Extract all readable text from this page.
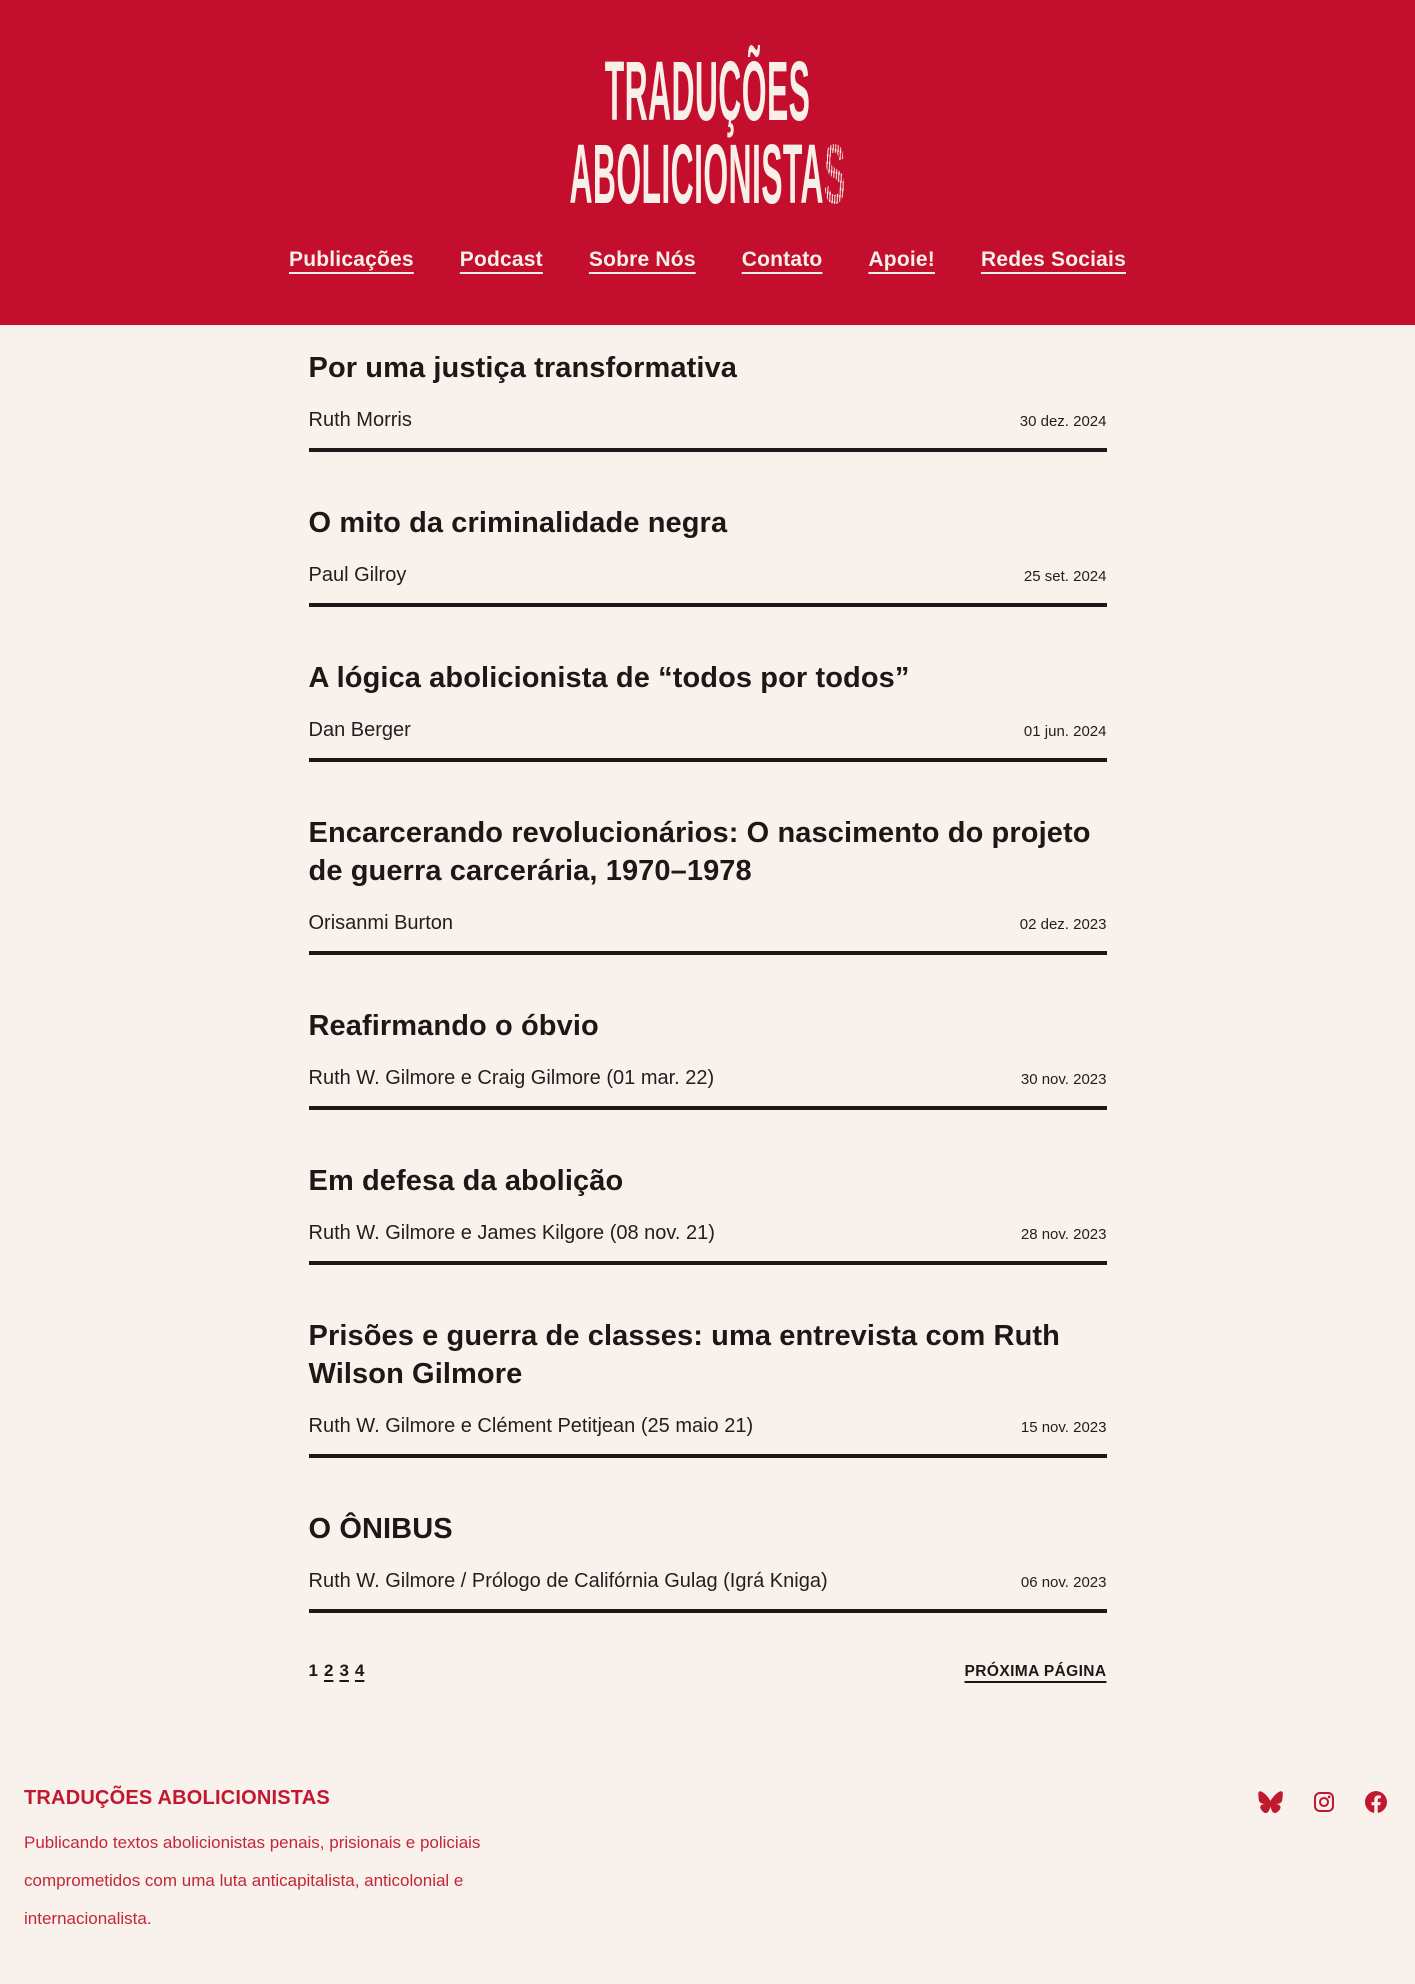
TRADUÇÕES
ABOLICIONISTAS
Publicações Podcast Sobre Nós Contato Apoie! Redes Sociais
Por uma justiça transformativa
Ruth Morris	30 dez. 2024
O mito da criminalidade negra
Paul Gilroy	25 set. 2024
A lógica abolicionista de “todos por todos”
Dan Berger	01 jun. 2024
Encarcerando revolucionários: O nascimento do projeto de guerra carcerária, 1970–1978
Orisanmi Burton	02 dez. 2023
Reafirmando o óbvio
Ruth W. Gilmore e Craig Gilmore (01 mar. 22)	30 nov. 2023
Em defesa da abolição
Ruth W. Gilmore e James Kilgore (08 nov. 21)	28 nov. 2023
Prisões e guerra de classes: uma entrevista com Ruth Wilson Gilmore
Ruth W. Gilmore e Clément Petitjean (25 maio 21)	15 nov. 2023
O ÔNIBUS
Ruth W. Gilmore / Prólogo de Califórnia Gulag (Igrá Kniga)	06 nov. 2023
1 2 3 4	PRÓXIMA PÁGINA
TRADUÇÕES ABOLICIONISTAS

Publicando textos abolicionistas penais, prisionais e policiais comprometidos com uma luta anticapitalista, anticolonial e internacionalista.
